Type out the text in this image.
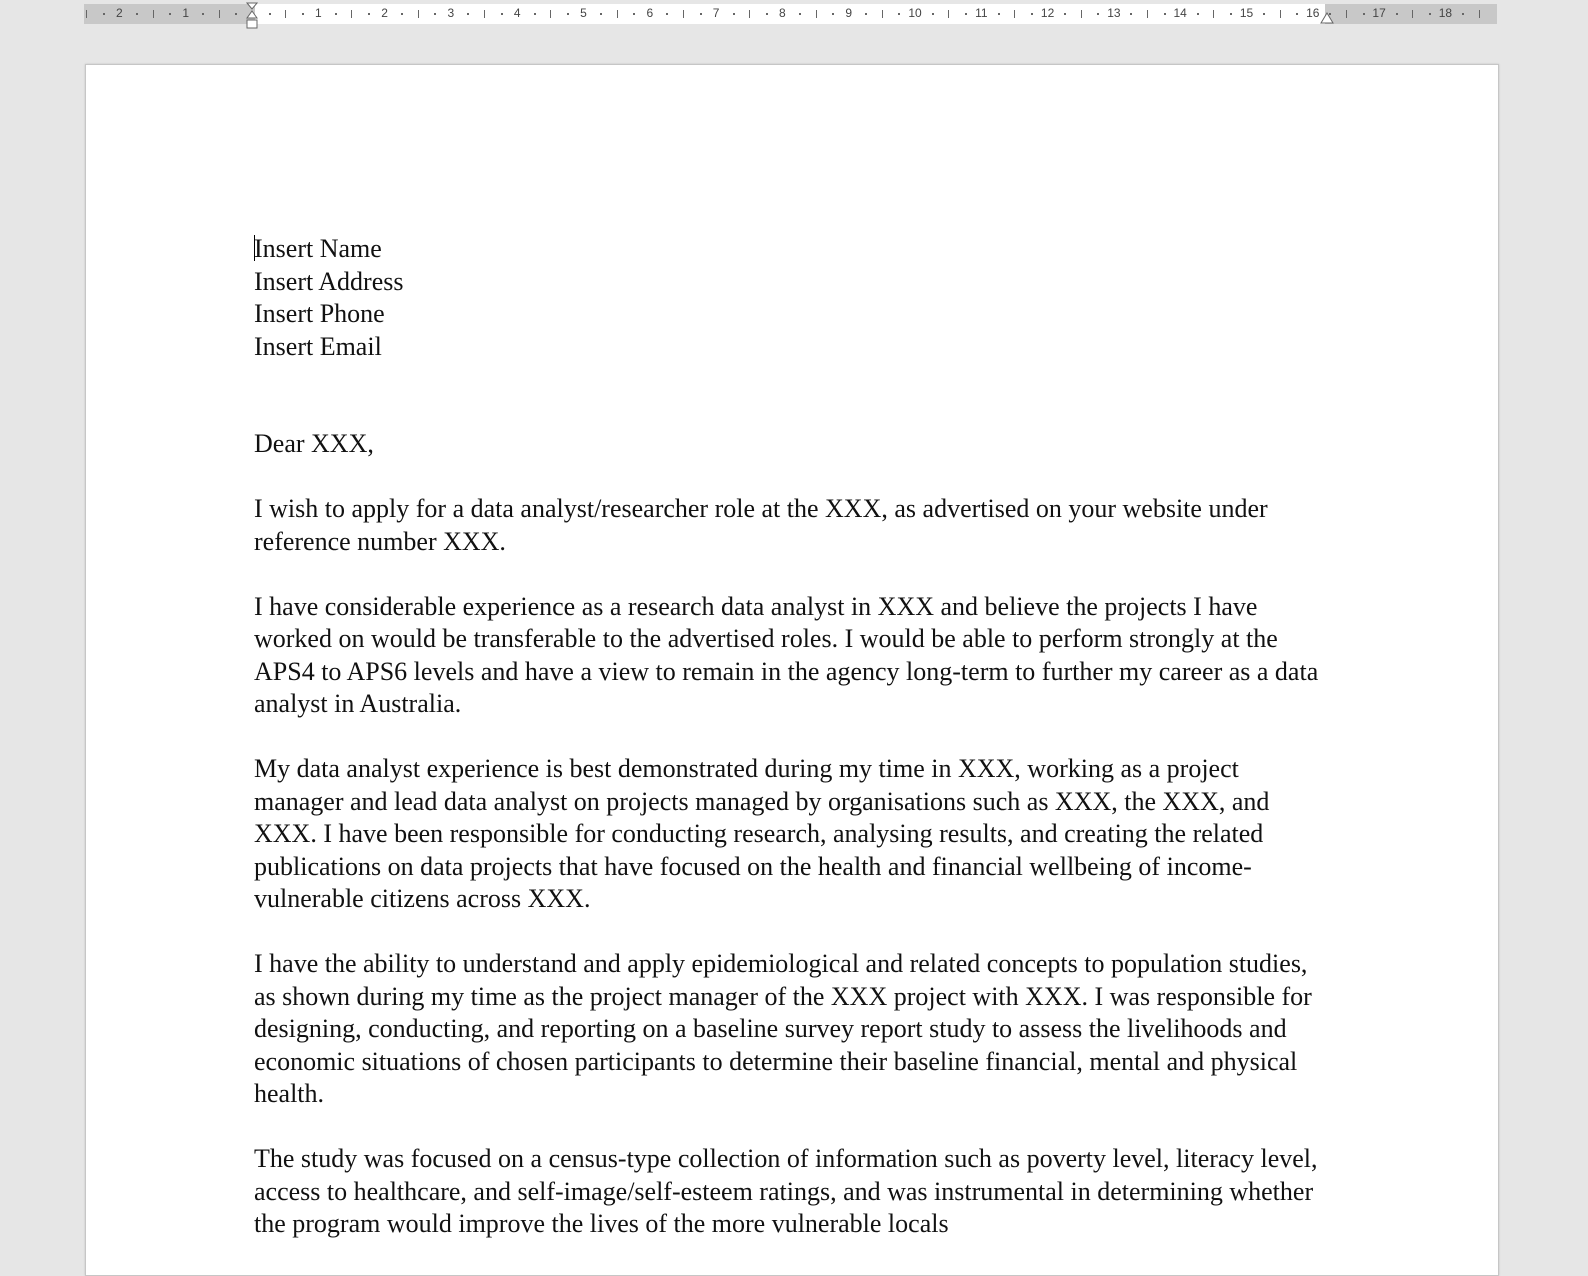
2	1	1	2	3	4	5	6	7	8	9	10	11	12	13	14	15	16	17	18

Insert Name

Insert Address

Insert Phone

Insert Email

Dear XXX,

I wish to apply for a data analyst/researcher role at the XXX, as advertised on your website under reference number XXX.

I have considerable experience as a research data analyst in XXX and believe the projects I have worked on would be transferable to the advertised roles. I would be able to perform strongly at the APS4 to APS6 levels and have a view to remain in the agency long-term to further my career as a data analyst in Australia.

My data analyst experience is best demonstrated during my time in XXX, working as a project manager and lead data analyst on projects managed by organisations such as XXX, the XXX, and XXX. I have been responsible for conducting research, analysing results, and creating the related publications on data projects that have focused on the health and financial wellbeing of income-vulnerable citizens across XXX.

I have the ability to understand and apply epidemiological and related concepts to population studies, as shown during my time as the project manager of the XXX project with XXX. I was responsible for designing, conducting, and reporting on a baseline survey report study to assess the livelihoods and economic situations of chosen participants to determine their baseline financial, mental and physical health.

The study was focused on a census-type collection of information such as poverty level, literacy level, access to healthcare, and self-image/self-esteem ratings, and was instrumental in determining whether the program would improve the lives of the more vulnerable locals
